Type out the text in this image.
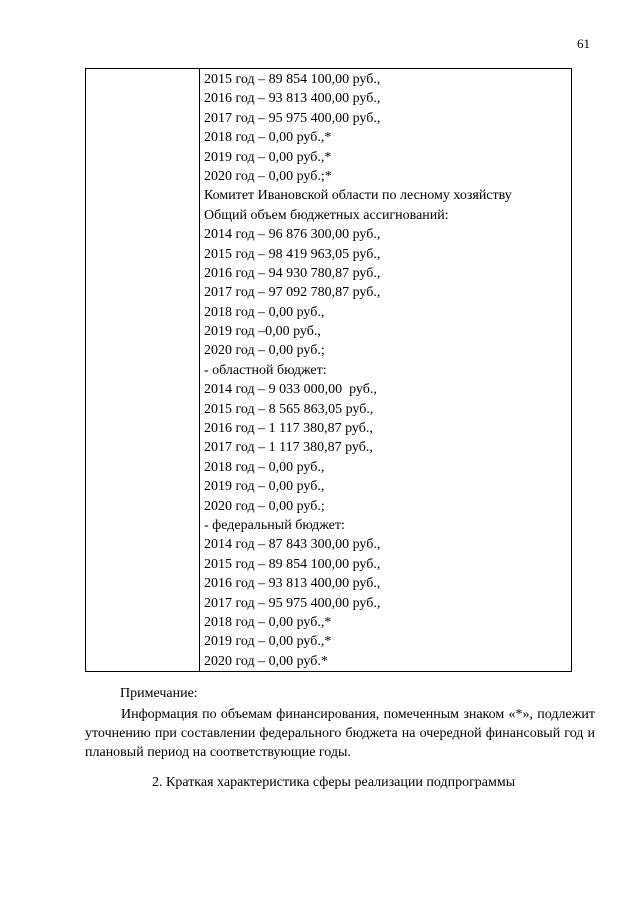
61
2015 год – 89 854 100,00 руб.,
2016 год – 93 813 400,00 руб.,
2017 год – 95 975 400,00 руб.,
2018 год – 0,00 руб.,*
2019 год – 0,00 руб.,*
2020 год – 0,00 руб.;*
Комитет Ивановской области по лесному хозяйству
Общий объем бюджетных ассигнований:
2014 год – 96 876 300,00 руб.,
2015 год – 98 419 963,05 руб.,
2016 год – 94 930 780,87 руб.,
2017 год – 97 092 780,87 руб.,
2018 год – 0,00 руб.,
2019 год –0,00 руб.,
2020 год – 0,00 руб.;
- областной бюджет:
2014 год – 9 033 000,00  руб.,
2015 год – 8 565 863,05 руб.,
2016 год – 1 117 380,87 руб.,
2017 год – 1 117 380,87 руб.,
2018 год – 0,00 руб.,
2019 год – 0,00 руб.,
2020 год – 0,00 руб.;
- федеральный бюджет:
2014 год – 87 843 300,00 руб.,
2015 год – 89 854 100,00 руб.,
2016 год – 93 813 400,00 руб.,
2017 год – 95 975 400,00 руб.,
2018 год – 0,00 руб.,*
2019 год – 0,00 руб.,*
2020 год – 0,00 руб.*
Примечание:

Информация по объемам финансирования, помеченным знаком «*», подлежит уточнению при составлении федерального бюджета на очередной финансовый год и плановый период на соответствующие годы.

2. Краткая характеристика сферы реализации подпрограммы
